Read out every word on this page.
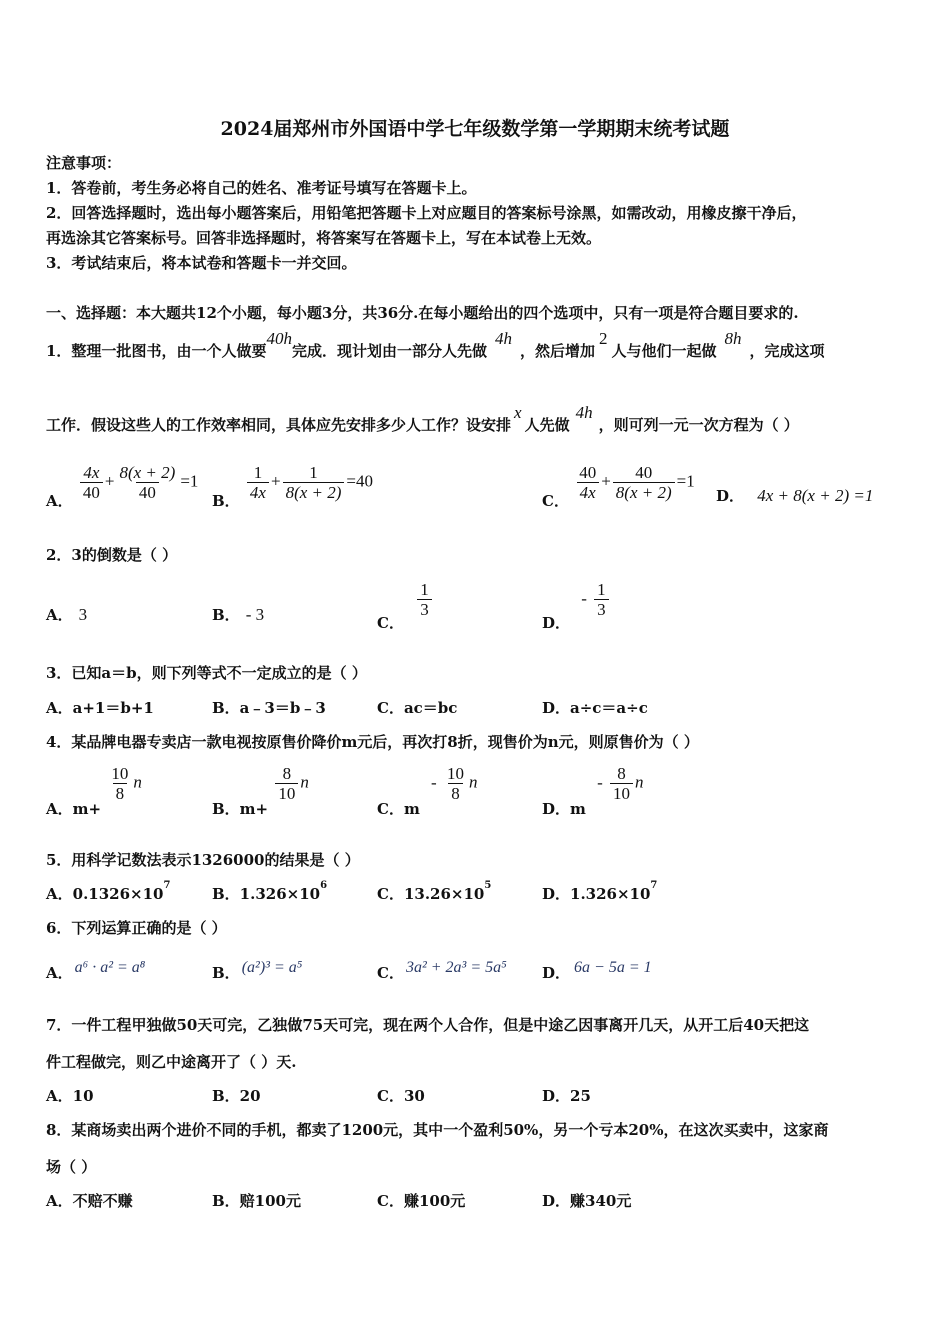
2024届郑州市外国语中学七年级数学第一学期期末统考试题
注意事项：
1．答卷前，考生务必将自己的姓名、准考证号填写在答题卡上。
2．回答选择题时，选出每小题答案后，用铅笔把答题卡上对应题目的答案标号涂黑，如需改动，用橡皮擦干净后，
再选涂其它答案标号。回答非选择题时，将答案写在答题卡上，写在本试卷上无效。
3．考试结束后，将本试卷和答题卡一并交回。
一、选择题：本大题共12个小题，每小题3分，共36分.在每小题给出的四个选项中，只有一项是符合题目要求的.
1．整理一批图书，由一个人做要40h完成．现计划由一部分人先做4h，然后增加2人与他们一起做8h，完成这项
工作．假设这些人的工作效率相同，具体应先安排多少人工作？设安排x人先做4h，则可列一元一次方程为（ ）
A． $\frac{4x}{40} + \frac{8(x + 2)}{40} =1$
B． $\frac{1}{4x} + \frac{1}{8(x + 2)} =40$
C． $\frac{40}{4x} + \frac{40}{8(x + 2)} =1$
D． 4x + 8(x + 2) =1
2．3的倒数是（ ）
A． 3	B． - 3	C．
$\frac{1}{3}$
D． - $\frac{1}{3}$
3．已知a＝b，则下列等式不一定成立的是（ ）
A．a+1＝b+1	B．a﹣3＝b﹣3	C．ac＝bc	D．a÷c＝a÷c
4．某品牌电器专卖店一款电视按原售价降价m元后，再次打8折，现售价为n元，则原售价为（ ）
A．m+
$\frac{10}{8}$ n
B．m+
$\frac{8}{10}$ n
C．m - $\frac{10}{8}$ n
D．m - $\frac{8}{10}$ n
5．用科学记数法表示1326000的结果是（ ）
A．$0.1326\times 10^7$	B．$1.326\times 10^6$	C．$13.26\times 10^5$	D．$1.326\times 10^7$
6．下列运算正确的是（ ）
A． a⁶ · a² = a⁸	B． (a²)³ = a⁵	C． 3a² + 2a³ = 5a⁵ D． 6a − 5a = 1
7．一件工程甲独做50天可完，乙独做75天可完，现在两个人合作，但是中途乙因事离开几天，从开工后40天把这
件工程做完，则乙中途离开了（ ）天.
A．10	B．20	C．30	D．25
8．某商场卖出两个进价不同的手机，都卖了1200元，其中一个盈利50%，另一个亏本20%，在这次买卖中，这家商
场（ ）
A．不赔不赚	B．赔100元	C．赚100元	D．赚340元
